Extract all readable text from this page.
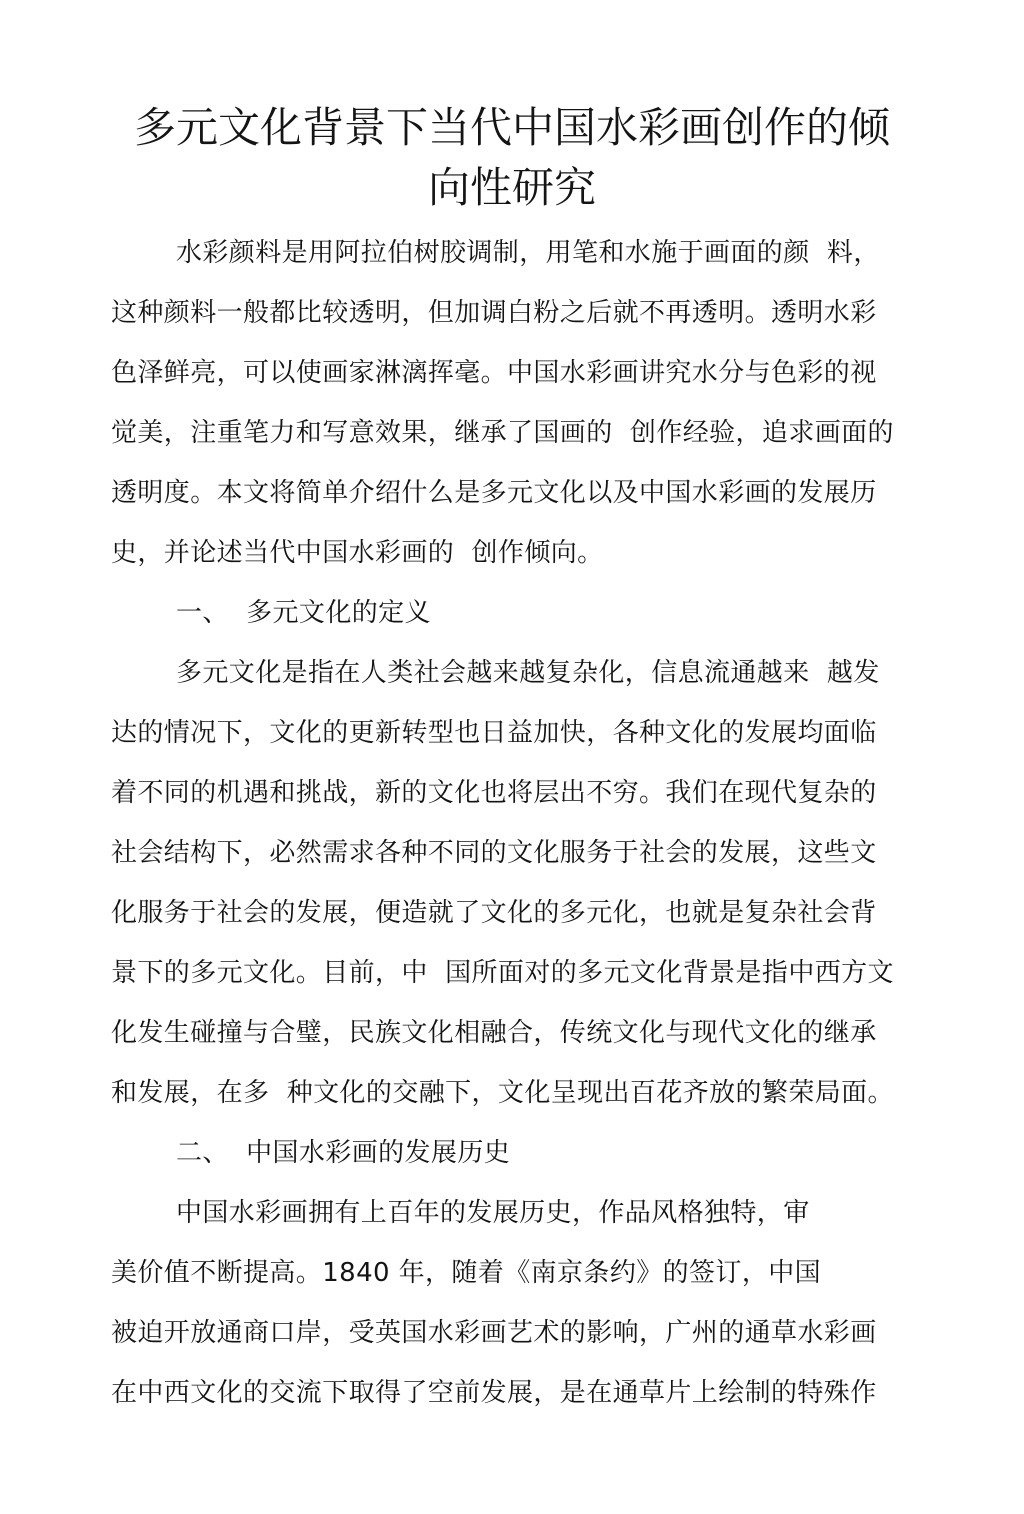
多元文化背景下当代中国水彩画创作的倾
向性研究
水彩颜料是用阿拉伯树胶调制，用笔和水施于画面的颜  料，
这种颜料一般都比较透明，但加调白粉之后就不再透明。透明水彩
色泽鲜亮，可以使画家淋漓挥毫。中国水彩画讲究水分与色彩的视
觉美，注重笔力和写意效果，继承了国画的  创作经验，追求画面的
透明度。本文将简单介绍什么是多元文化以及中国水彩画的发展历
史，并论述当代中国水彩画的  创作倾向。
一、  多元文化的定义
多元文化是指在人类社会越来越复杂化，信息流通越来  越发
达的情况下，文化的更新转型也日益加快，各种文化的发展均面临
着不同的机遇和挑战，新的文化也将层出不穷。我们在现代复杂的
社会结构下，必然需求各种不同的文化服务于社会的发展，这些文
化服务于社会的发展，便造就了文化的多元化，也就是复杂社会背
景下的多元文化。目前，中  国所面对的多元文化背景是指中西方文
化发生碰撞与合璧，民族文化相融合，传统文化与现代文化的继承
和发展，在多  种文化的交融下，文化呈现出百花齐放的繁荣局面。
二、  中国水彩画的发展历史
中国水彩画拥有上百年的发展历史，作品风格独特，审
美价值不断提高。1840 年，随着《南京条约》的签订，中国
被迫开放通商口岸，受英国水彩画艺术的影响，广州的通草水彩画
在中西文化的交流下取得了空前发展，是在通草片上绘制的特殊作
